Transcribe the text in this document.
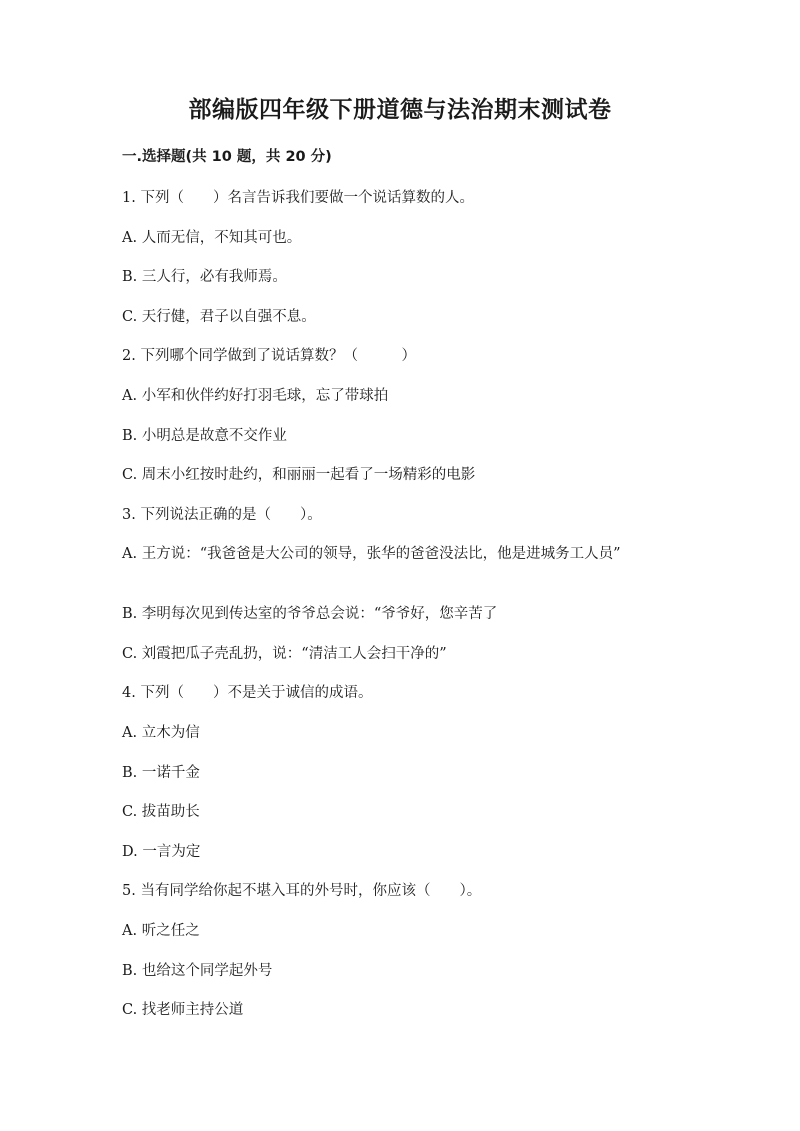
部编版四年级下册道德与法治期末测试卷
一.选择题(共 10 题，共 20 分)
1. 下列（　　）名言告诉我们要做一个说话算数的人。
A. 人而无信，不知其可也。
B. 三人行，必有我师焉。
C. 天行健，君子以自强不息。
2. 下列哪个同学做到了说话算数？（　　　）
A. 小军和伙伴约好打羽毛球，忘了带球拍
B. 小明总是故意不交作业
C. 周末小红按时赴约，和丽丽一起看了一场精彩的电影
3. 下列说法正确的是（　　）。
A. 王方说：“我爸爸是大公司的领导，张华的爸爸没法比，他是进城务工人员”
B. 李明每次见到传达室的爷爷总会说：“爷爷好，您辛苦了
C. 刘霞把瓜子壳乱扔，说：“清洁工人会扫干净的”
4. 下列（　　）不是关于诚信的成语。
A. 立木为信
B. 一诺千金
C. 拔苗助长
D. 一言为定
5. 当有同学给你起不堪入耳的外号时，你应该（　　）。
A. 听之任之
B. 也给这个同学起外号
C. 找老师主持公道
